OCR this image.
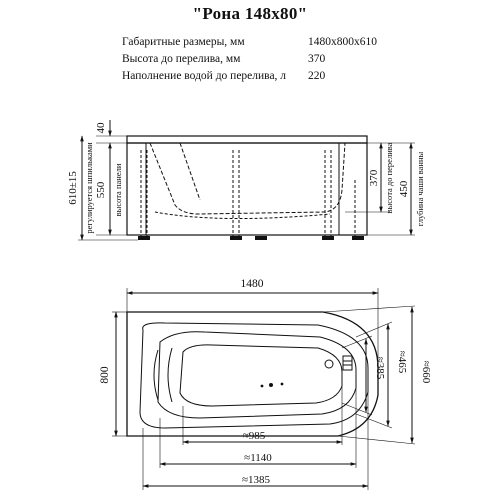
"Рона 148x80"
Габаритные размеры, мм	1480x800x610
Высота до перелива, мм	370
Наполнение водой до перелива, л	220
40
550 высота панели
610±15 регулируется шпильками	370 высота до перелива 450 глубина чаши ванны
1480
800
≈985
≈1140
≈1385
≈385 ≈465 ≈660
